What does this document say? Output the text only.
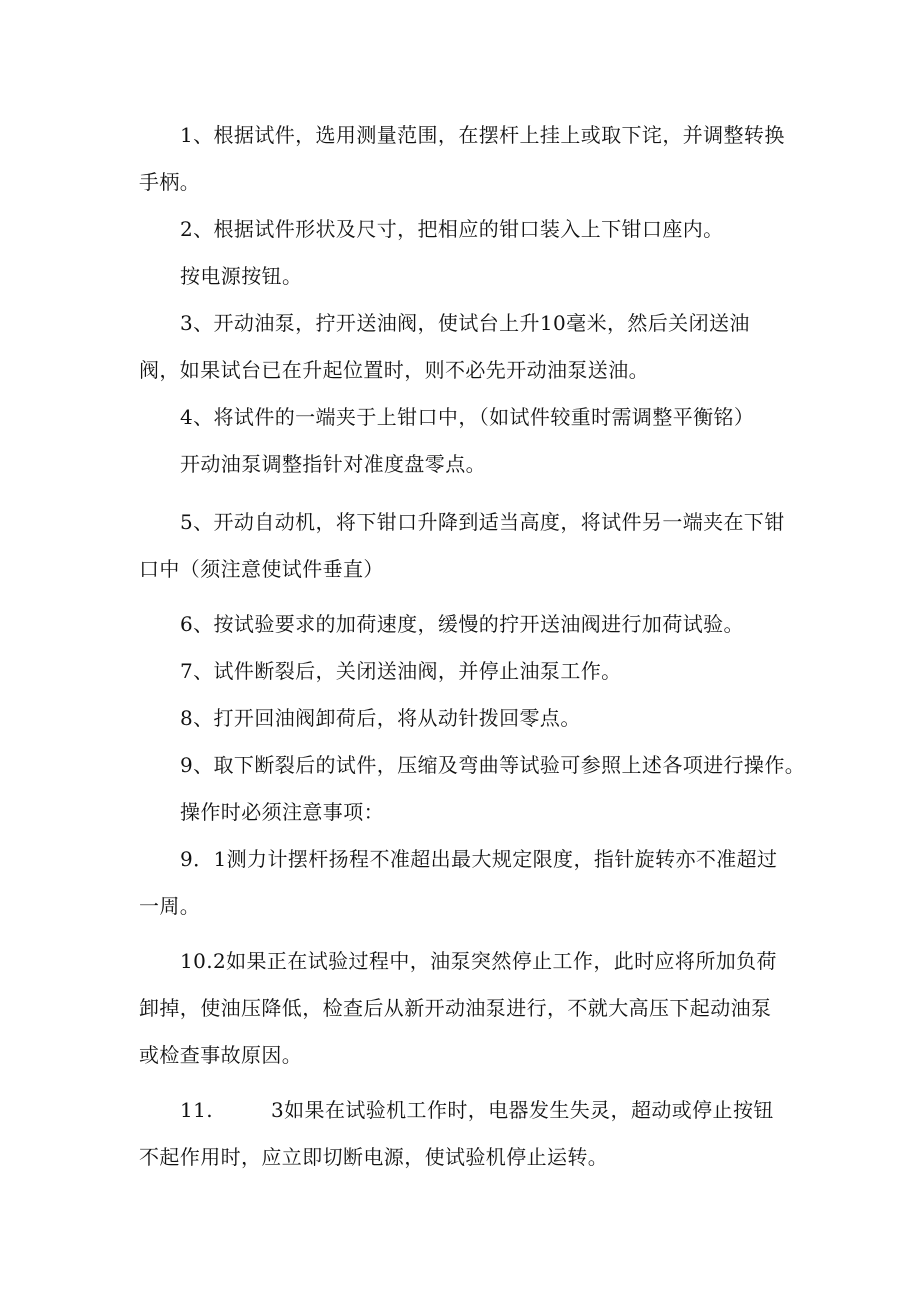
1、根据试件，选用测量范围，在摆杆上挂上或取下诧，并调整转换手柄。

2、根据试件形状及尺寸，把相应的钳口装入上下钳口座内。

按电源按钮。

3、开动油泵，拧开送油阀，使试台上升10毫米，然后关闭送油阀，如果试台已在升起位置时，则不必先开动油泵送油。

4、将试件的一端夹于上钳口中，（如试件较重时需调整平衡铭）

开动油泵调整指针对准度盘零点。

5、开动自动机，将下钳口升降到适当高度，将试件另一端夹在下钳口中（须注意使试件垂直）

6、按试验要求的加荷速度，缓慢的拧开送油阀进行加荷试验。

7、试件断裂后，关闭送油阀，并停止油泵工作。

8、打开回油阀卸荷后，将从动针拨回零点。

9、取下断裂后的试件，压缩及弯曲等试验可参照上述各项进行操作。

操作时必须注意事项：

9．1测力计摆杆扬程不准超出最大规定限度，指针旋转亦不准超过一周。

10.2如果正在试验过程中，油泵突然停止工作，此时应将所加负荷卸掉，使油压降低，检查后从新开动油泵进行，不就大高压下起动油泵或检查事故原因。

11.	3如果在试验机工作时，电器发生失灵，超动或停止按钮不起作用时，应立即切断电源，使试验机停止运转。
